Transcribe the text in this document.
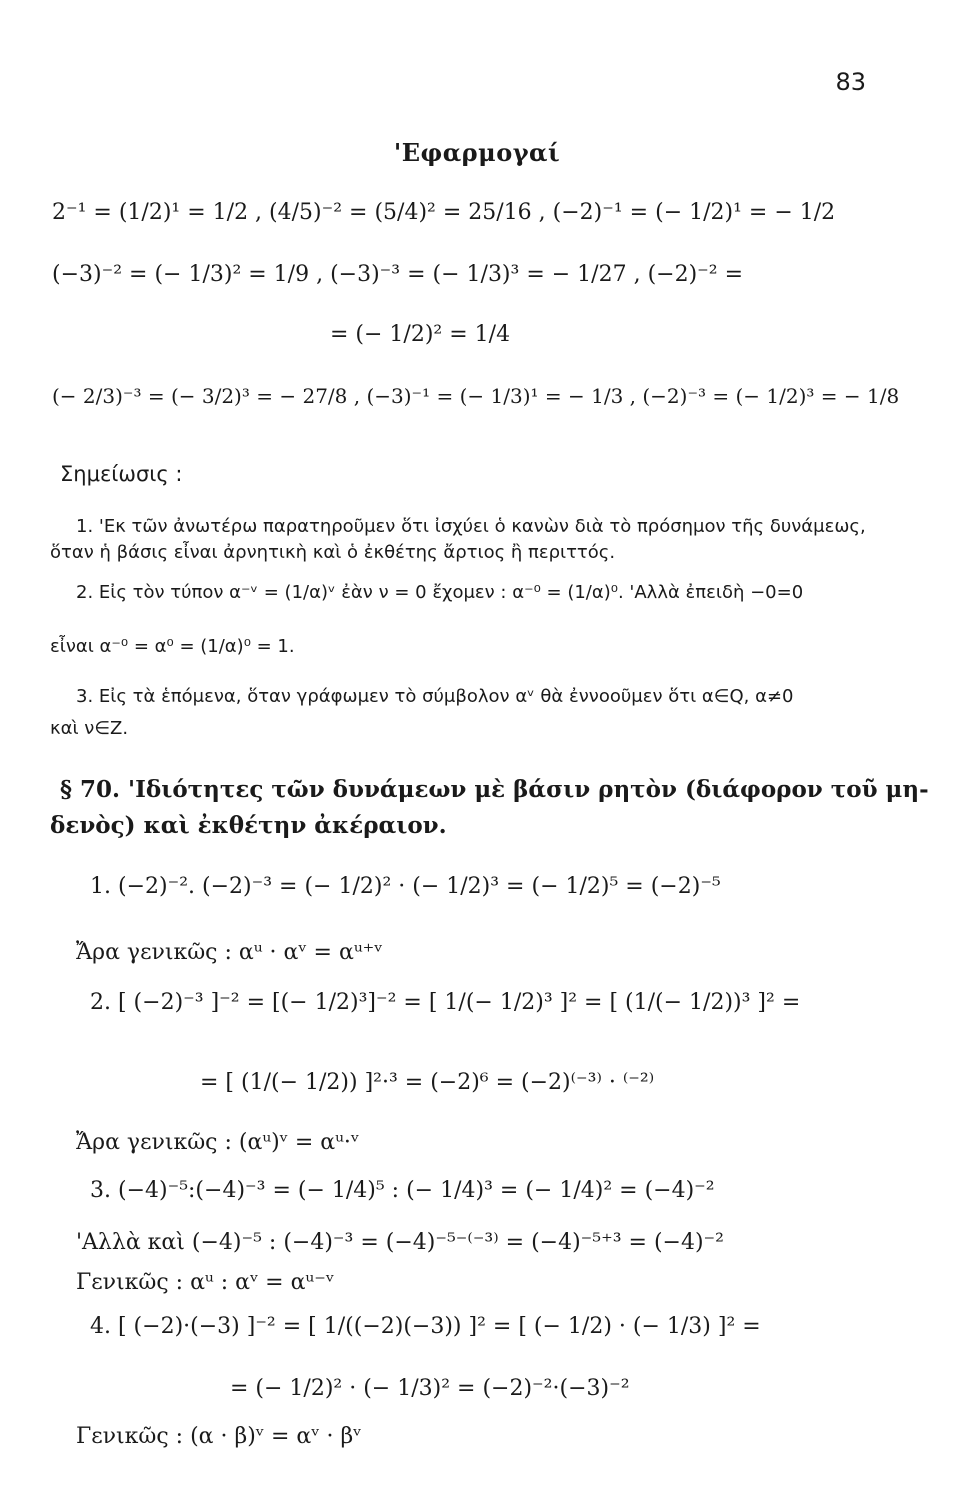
83
'Εφαρμογαί
2⁻¹ = (1/2)¹ = 1/2 , (4/5)⁻² = (5/4)² = 25/16 , (−2)⁻¹ = (− 1/2)¹ = − 1/2
(−3)⁻² = (− 1/3)² = 1/9 , (−3)⁻³ = (− 1/3)³ = − 1/27 , (−2)⁻² =
= (− 1/2)² = 1/4
(− 2/3)⁻³ = (− 3/2)³ = − 27/8 , (−3)⁻¹ = (− 1/3)¹ = − 1/3 , (−2)⁻³ = (− 1/2)³ = − 1/8
Σημείωσις :
1. 'Εκ τῶν ἀνωτέρω παρατηροῦμεν ὅτι ἰσχύει ὁ κανὼν διὰ τὸ πρόσημον τῆς δυνάμεως,
ὅταν ἡ βάσις εἶναι ἀρνητικὴ καὶ ὁ ἐκθέτης ἄρτιος ἢ περιττός.
2. Εἰς τὸν τύπον α⁻ᵛ = (1/α)ᵛ ἐὰν ν = 0 ἔχομεν : α⁻⁰ = (1/α)⁰. 'Αλλὰ ἐπειδὴ −0=0
εἶναι α⁻⁰ = α⁰ = (1/α)⁰ = 1.
3. Εἰς τὰ ἑπόμενα, ὅταν γράφωμεν τὸ σύμβολον αᵛ θὰ ἐννοοῦμεν ὅτι α∈Q, α≠0
καὶ ν∈Z.
§ 70. 'Ιδιότητες τῶν δυνάμεων μὲ βάσιν ρητὸν (διάφορον τοῦ μη-
δενὸς) καὶ ἐκθέτην ἀκέραιον.
1. (−2)⁻². (−2)⁻³ = (− 1/2)² · (− 1/2)³ = (− 1/2)⁵ = (−2)⁻⁵
Ἄρα γενικῶς : αᵘ · αᵛ = αᵘ⁺ᵛ
2. [ (−2)⁻³ ]⁻² = [(− 1/2)³]⁻² = [ 1/(− 1/2)³ ]² = [ (1/(− 1/2))³ ]² =
= [ (1/(− 1/2)) ]²·³ = (−2)⁶ = (−2)⁽⁻³⁾ · ⁽⁻²⁾
Ἄρα γενικῶς : (αᵘ)ᵛ = αᵘ·ᵛ
3. (−4)⁻⁵:(−4)⁻³ = (− 1/4)⁵ : (− 1/4)³ = (− 1/4)² = (−4)⁻²
'Αλλὰ καὶ (−4)⁻⁵ : (−4)⁻³ = (−4)⁻⁵⁻⁽⁻³⁾ = (−4)⁻⁵⁺³ = (−4)⁻²
Γενικῶς : αᵘ : αᵛ = αᵘ⁻ᵛ
4. [ (−2)·(−3) ]⁻² = [ 1/((−2)(−3)) ]² = [ (− 1/2) · (− 1/3) ]² =
= (− 1/2)² · (− 1/3)² = (−2)⁻²·(−3)⁻²
Γενικῶς : (α · β)ᵛ = αᵛ · βᵛ
